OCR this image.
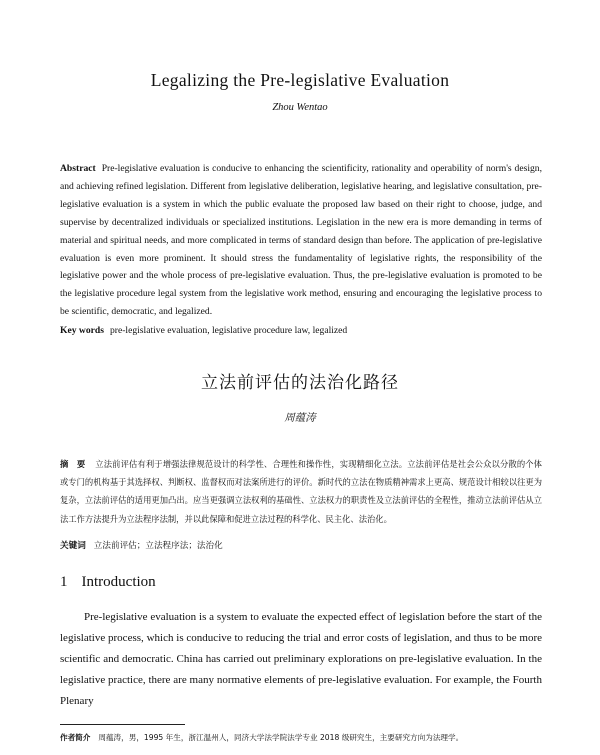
Legalizing the Pre-legislative Evaluation
Zhou Wentao

Abstract Pre-legislative evaluation is conducive to enhancing the scientificity, rationality and operability of norm's design, and achieving refined legislation. Different from legislative deliberation, legislative hearing, and legislative consultation, pre-legislative evaluation is a system in which the public evaluate the proposed law based on their right to choose, judge, and supervise by decentralized individuals or specialized institutions. Legislation in the new era is more demanding in terms of material and spiritual needs, and more complicated in terms of standard design than before. The application of pre-legislative evaluation is even more prominent. It should stress the fundamentality of legislative rights, the responsibility of the legislative power and the whole process of pre-legislative evaluation. Thus, the pre-legislative evaluation is promoted to be the legislative procedure legal system from the legislative work method, ensuring and encouraging the legislative process to be scientific, democratic, and legalized.

Key words pre-legislative evaluation, legislative procedure law, legalized

立法前评估的法治化路径
周蕴涛

摘　要 立法前评估有利于增强法律规范设计的科学性、合理性和操作性，实现精细化立法。立法前评估是社会公众以分散的个体或专门的机构基于其选择权、判断权、监督权而对法案所进行的评价。新时代的立法在物质精神需求上更高、规范设计相较以往更为复杂，立法前评估的适用更加凸出。应当更强调立法权利的基础性、立法权力的职责性及立法前评估的全程性，推动立法前评估从立法工作方法提升为立法程序法制，并以此保障和促进立法过程的科学化、民主化、法治化。

关键词 立法前评估；立法程序法；法治化

1 Introduction

Pre-legislative evaluation is a system to evaluate the expected effect of legislation before the start of the legislative process, which is conducive to reducing the trial and error costs of legislation, and thus to be more scientific and democratic. China has carried out preliminary explorations on pre-legislative evaluation. In the legislative practice, there are many normative elements of pre-legislative evaluation. For example, the Fourth Plenary

作者简介 周蕴涛，男，1995 年生，浙江温州人，同济大学法学院法学专业 2018 级研究生，主要研究方向为法理学。
